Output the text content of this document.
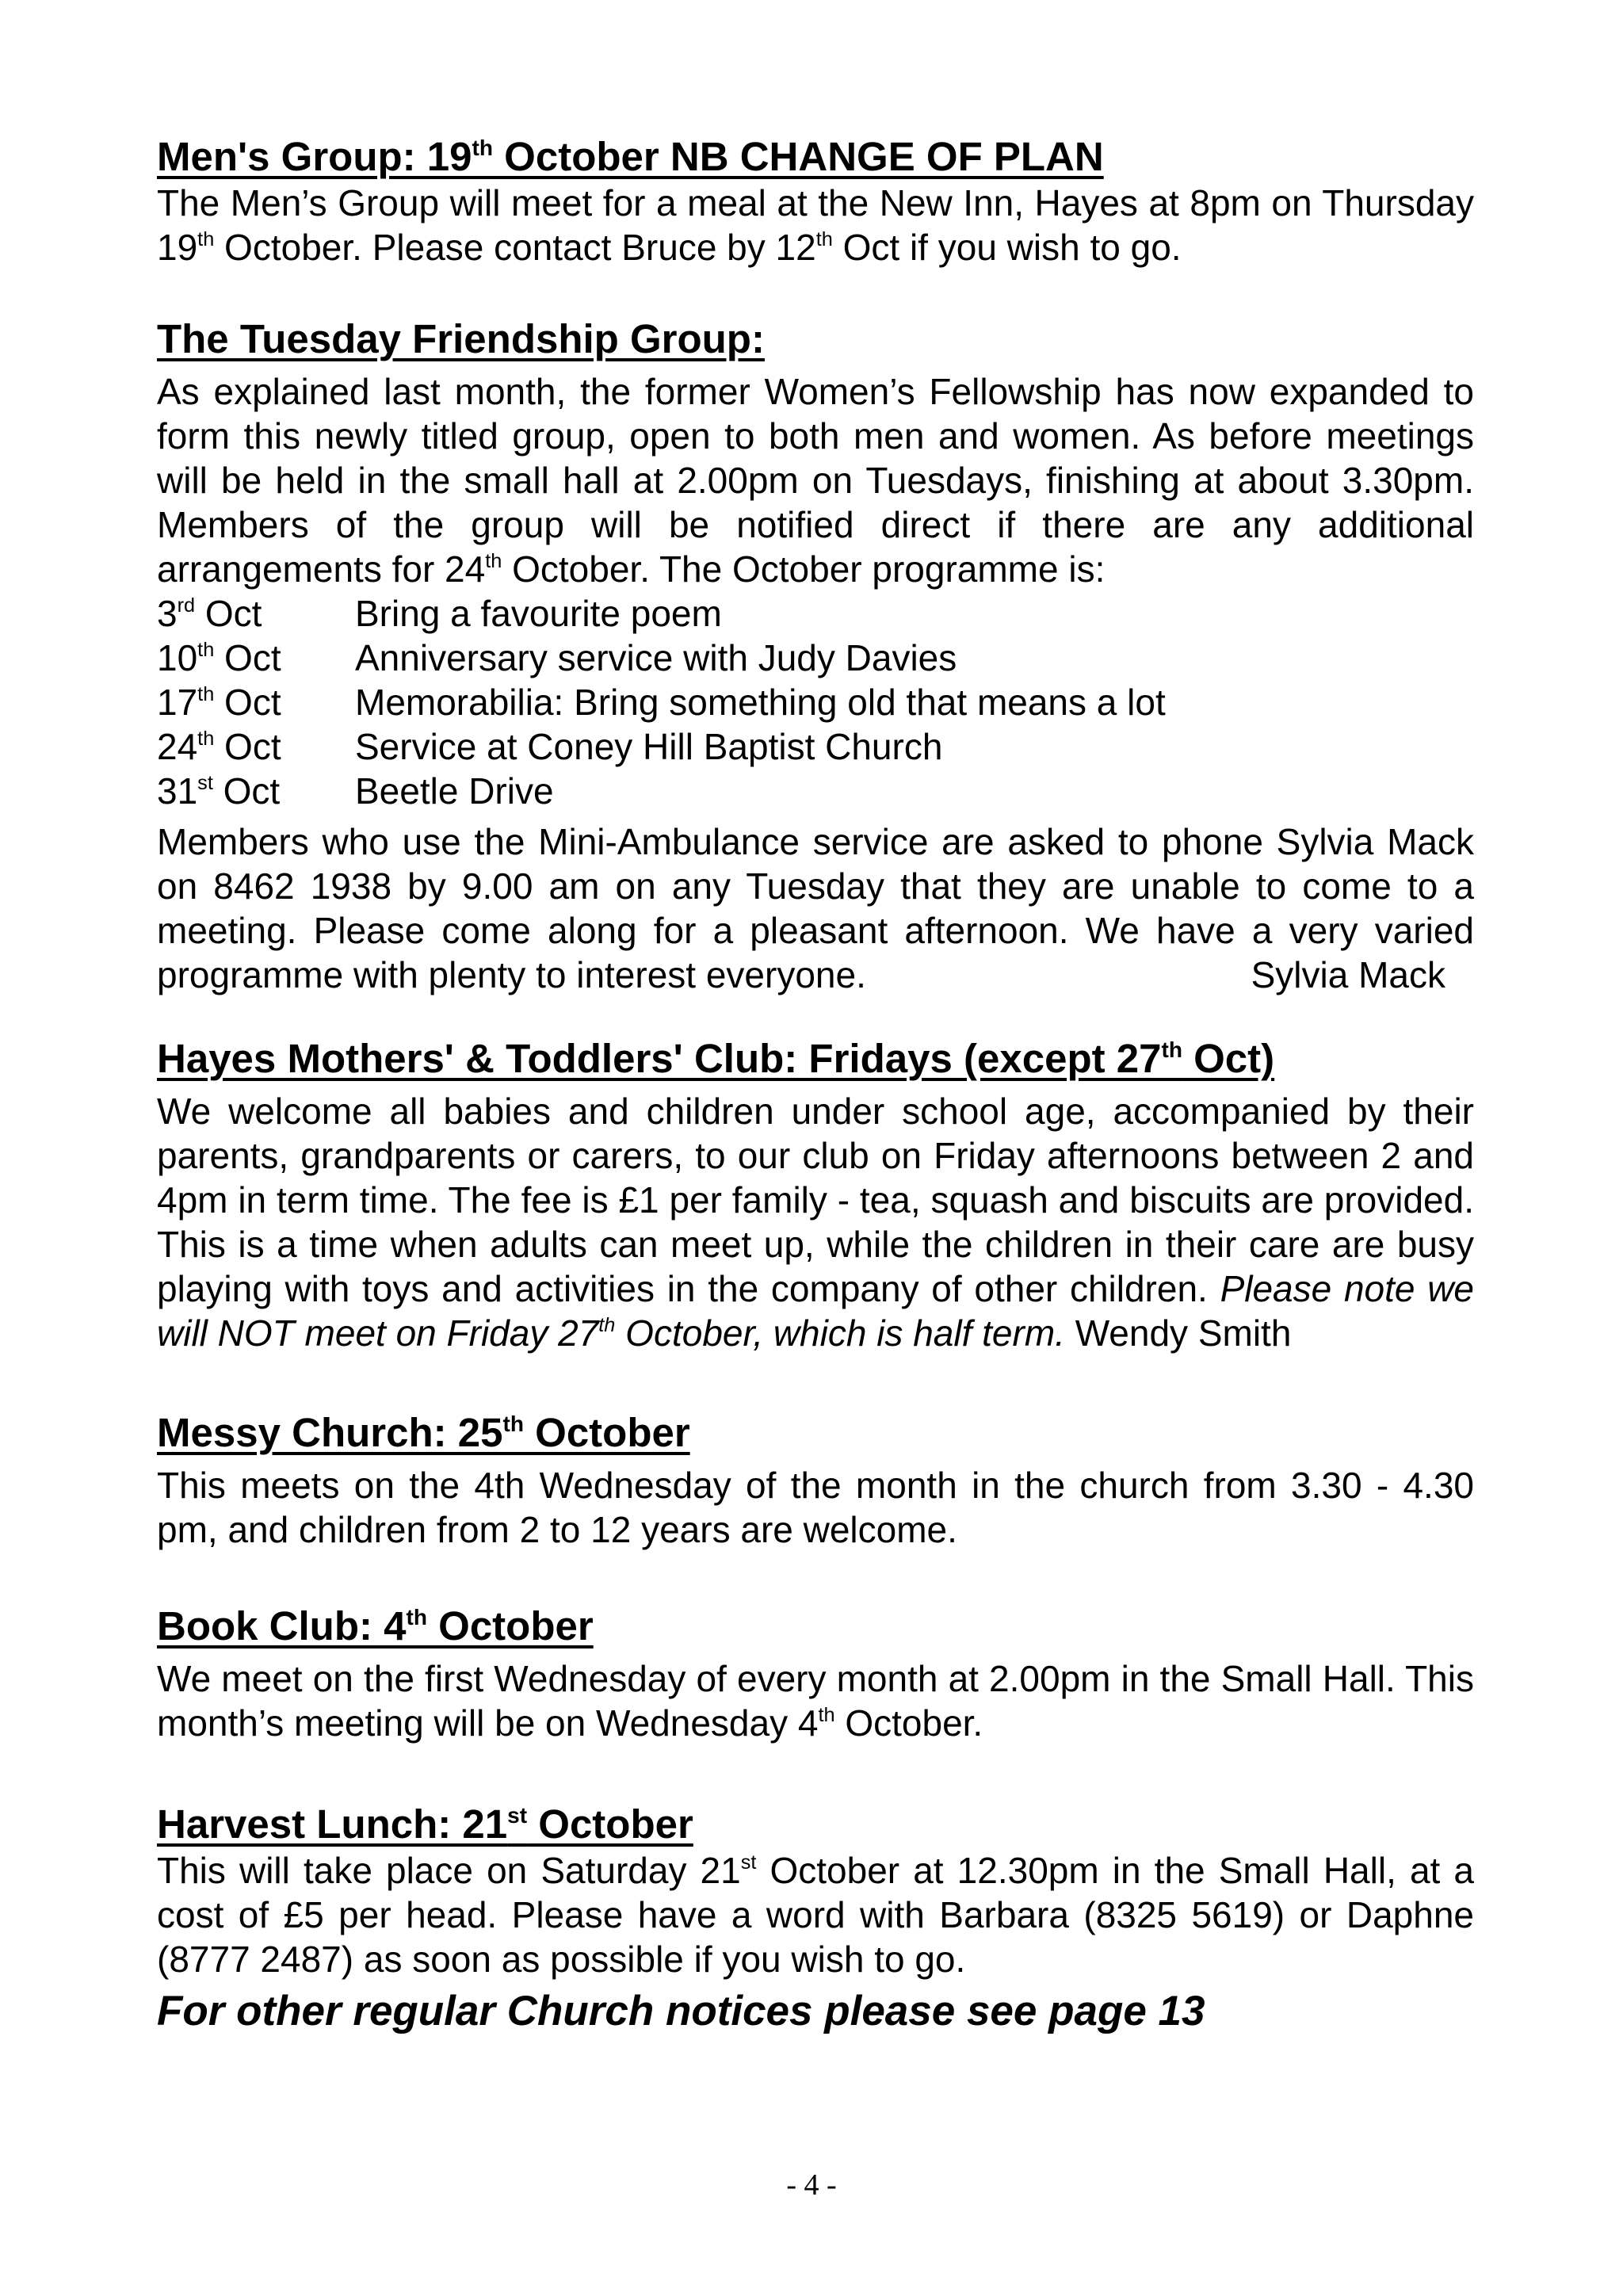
Men's Group: 19th October NB CHANGE OF PLAN

The Men’s Group will meet for a meal at the New Inn, Hayes at 8pm on Thursday 19th October. Please contact Bruce by 12th Oct if you wish to go.

The Tuesday Friendship Group:

As explained last month, the former Women’s Fellowship has now expanded to form this newly titled group, open to both men and women. As before meetings will be held in the small hall at 2.00pm on Tuesdays, finishing at about 3.30pm. Members of the group will be notified direct if there are any additional arrangements for 24th October. The October programme is:

3rd Oct	Bring a favourite poem
10th Oct	Anniversary service with Judy Davies
17th Oct	Memorabilia: Bring something old that means a lot
24th Oct	Service at Coney Hill Baptist Church
31st Oct	Beetle Drive

Members who use the Mini-Ambulance service are asked to phone Sylvia Mack on 8462 1938 by 9.00 am on any Tuesday that they are unable to come to a meeting. Please come along for a pleasant afternoon. We have a very varied programme with plenty to interest everyone.	Sylvia Mack

Hayes Mothers' & Toddlers' Club: Fridays (except 27th Oct)

We welcome all babies and children under school age, accompanied by their parents, grandparents or carers, to our club on Friday afternoons between 2 and 4pm in term time. The fee is £1 per family - tea, squash and biscuits are provided. This is a time when adults can meet up, while the children in their care are busy playing with toys and activities in the company of other children. Please note we will NOT meet on Friday 27th October, which is half term. Wendy Smith

Messy Church: 25th October

This meets on the 4th Wednesday of the month in the church from 3.30 - 4.30 pm, and children from 2 to 12 years are welcome.

Book Club: 4th October

We meet on the first Wednesday of every month at 2.00pm in the Small Hall. This month’s meeting will be on Wednesday 4th October.

Harvest Lunch: 21st October

This will take place on Saturday 21st October at 12.30pm in the Small Hall, at a cost of £5 per head. Please have a word with Barbara (8325 5619) or Daphne (8777 2487) as soon as possible if you wish to go.

For other regular Church notices please see page 13
- 4 -
